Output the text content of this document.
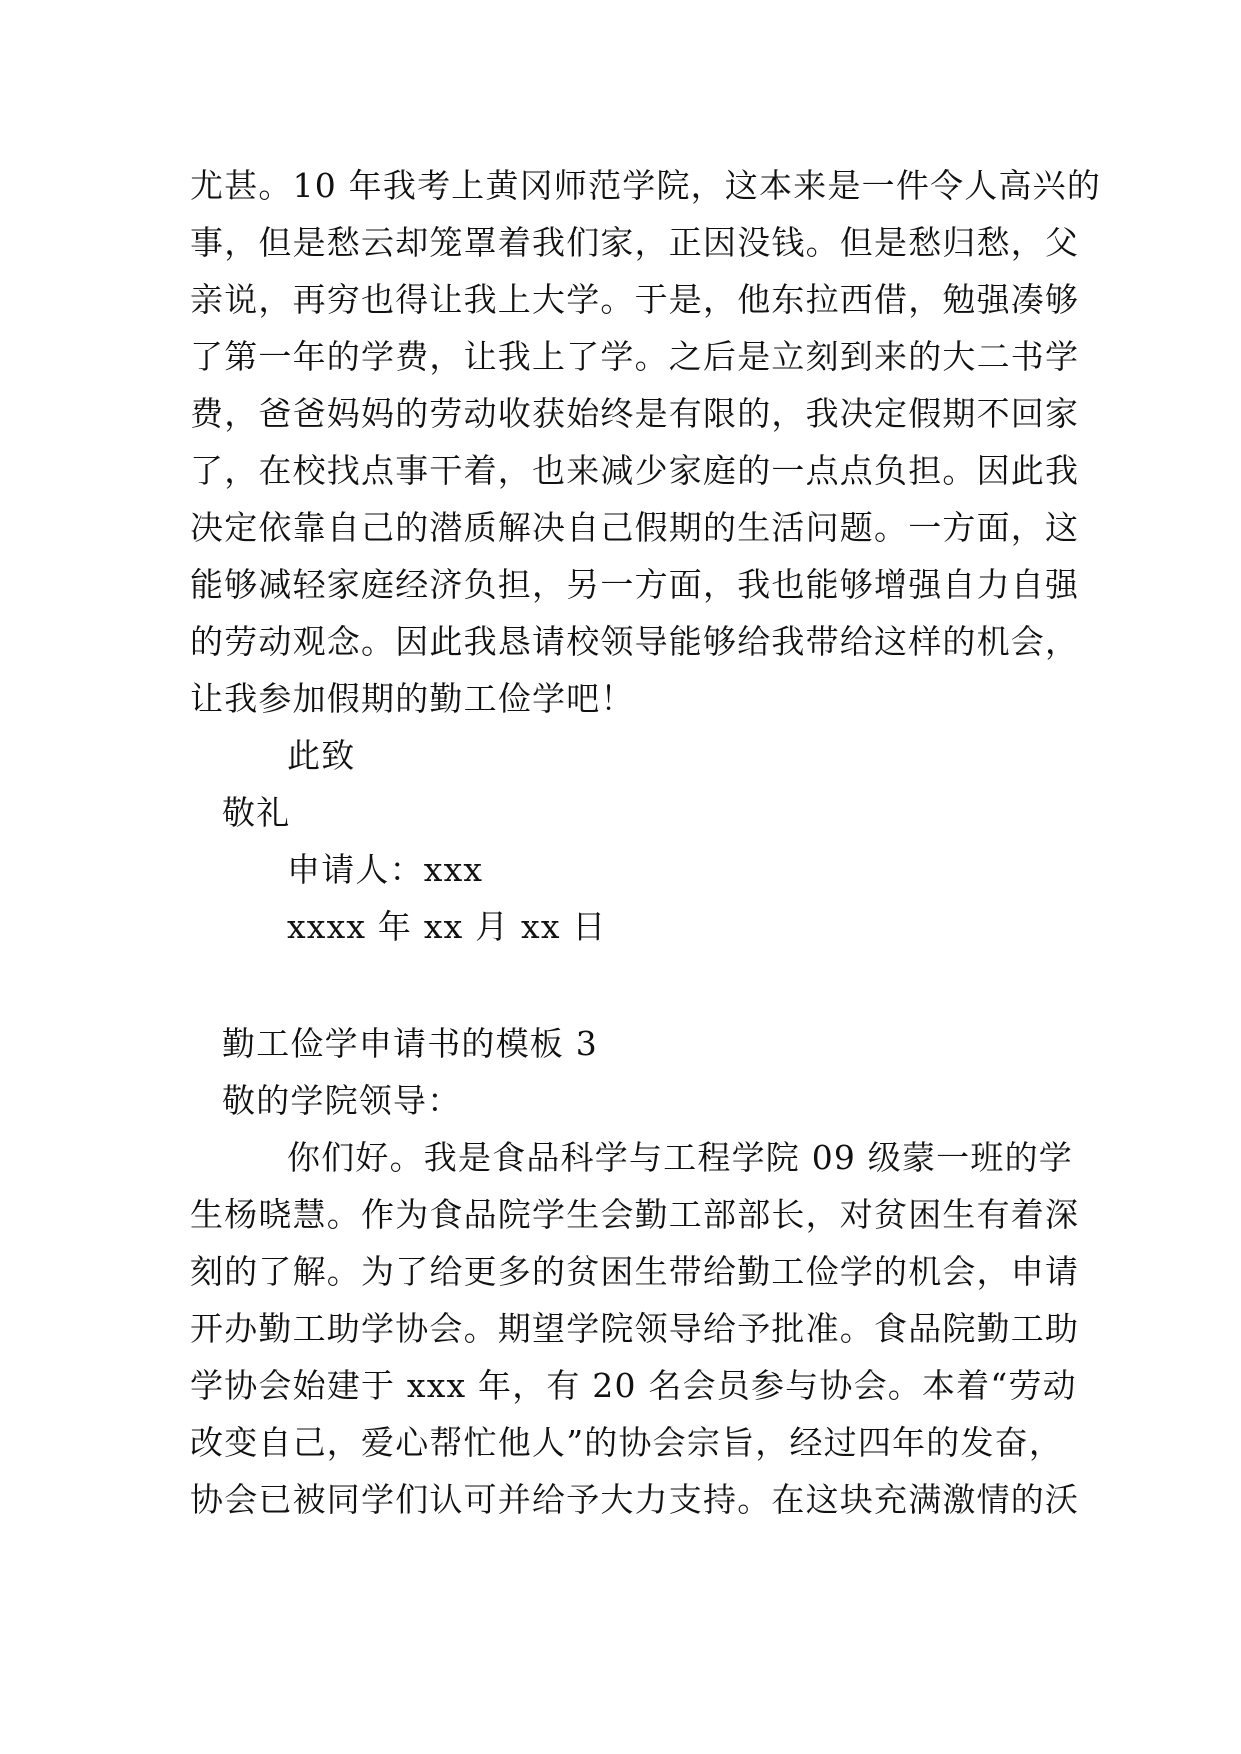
尤甚。10 年我考上黄冈师范学院，这本来是一件令人高兴的
事，但是愁云却笼罩着我们家，正因没钱。但是愁归愁，父
亲说，再穷也得让我上大学。于是，他东拉西借，勉强凑够
了第一年的学费，让我上了学。之后是立刻到来的大二书学
费，爸爸妈妈的劳动收获始终是有限的，我决定假期不回家
了，在校找点事干着，也来减少家庭的一点点负担。因此我
决定依靠自己的潜质解决自己假期的生活问题。一方面，这
能够减轻家庭经济负担，另一方面，我也能够增强自力自强
的劳动观念。因此我恳请校领导能够给我带给这样的机会，
让我参加假期的勤工俭学吧！
此致
敬礼
申请人：xxx
xxxx 年 xx 月 xx 日
勤工俭学申请书的模板 3
敬的学院领导：
你们好。我是食品科学与工程学院 09 级蒙一班的学
生杨晓慧。作为食品院学生会勤工部部长，对贫困生有着深
刻的了解。为了给更多的贫困生带给勤工俭学的机会，申请
开办勤工助学协会。期望学院领导给予批准。食品院勤工助
学协会始建于 xxx 年，有 20 名会员参与协会。本着“劳动
改变自己，爱心帮忙他人”的协会宗旨，经过四年的发奋，
协会已被同学们认可并给予大力支持。在这块充满激情的沃
